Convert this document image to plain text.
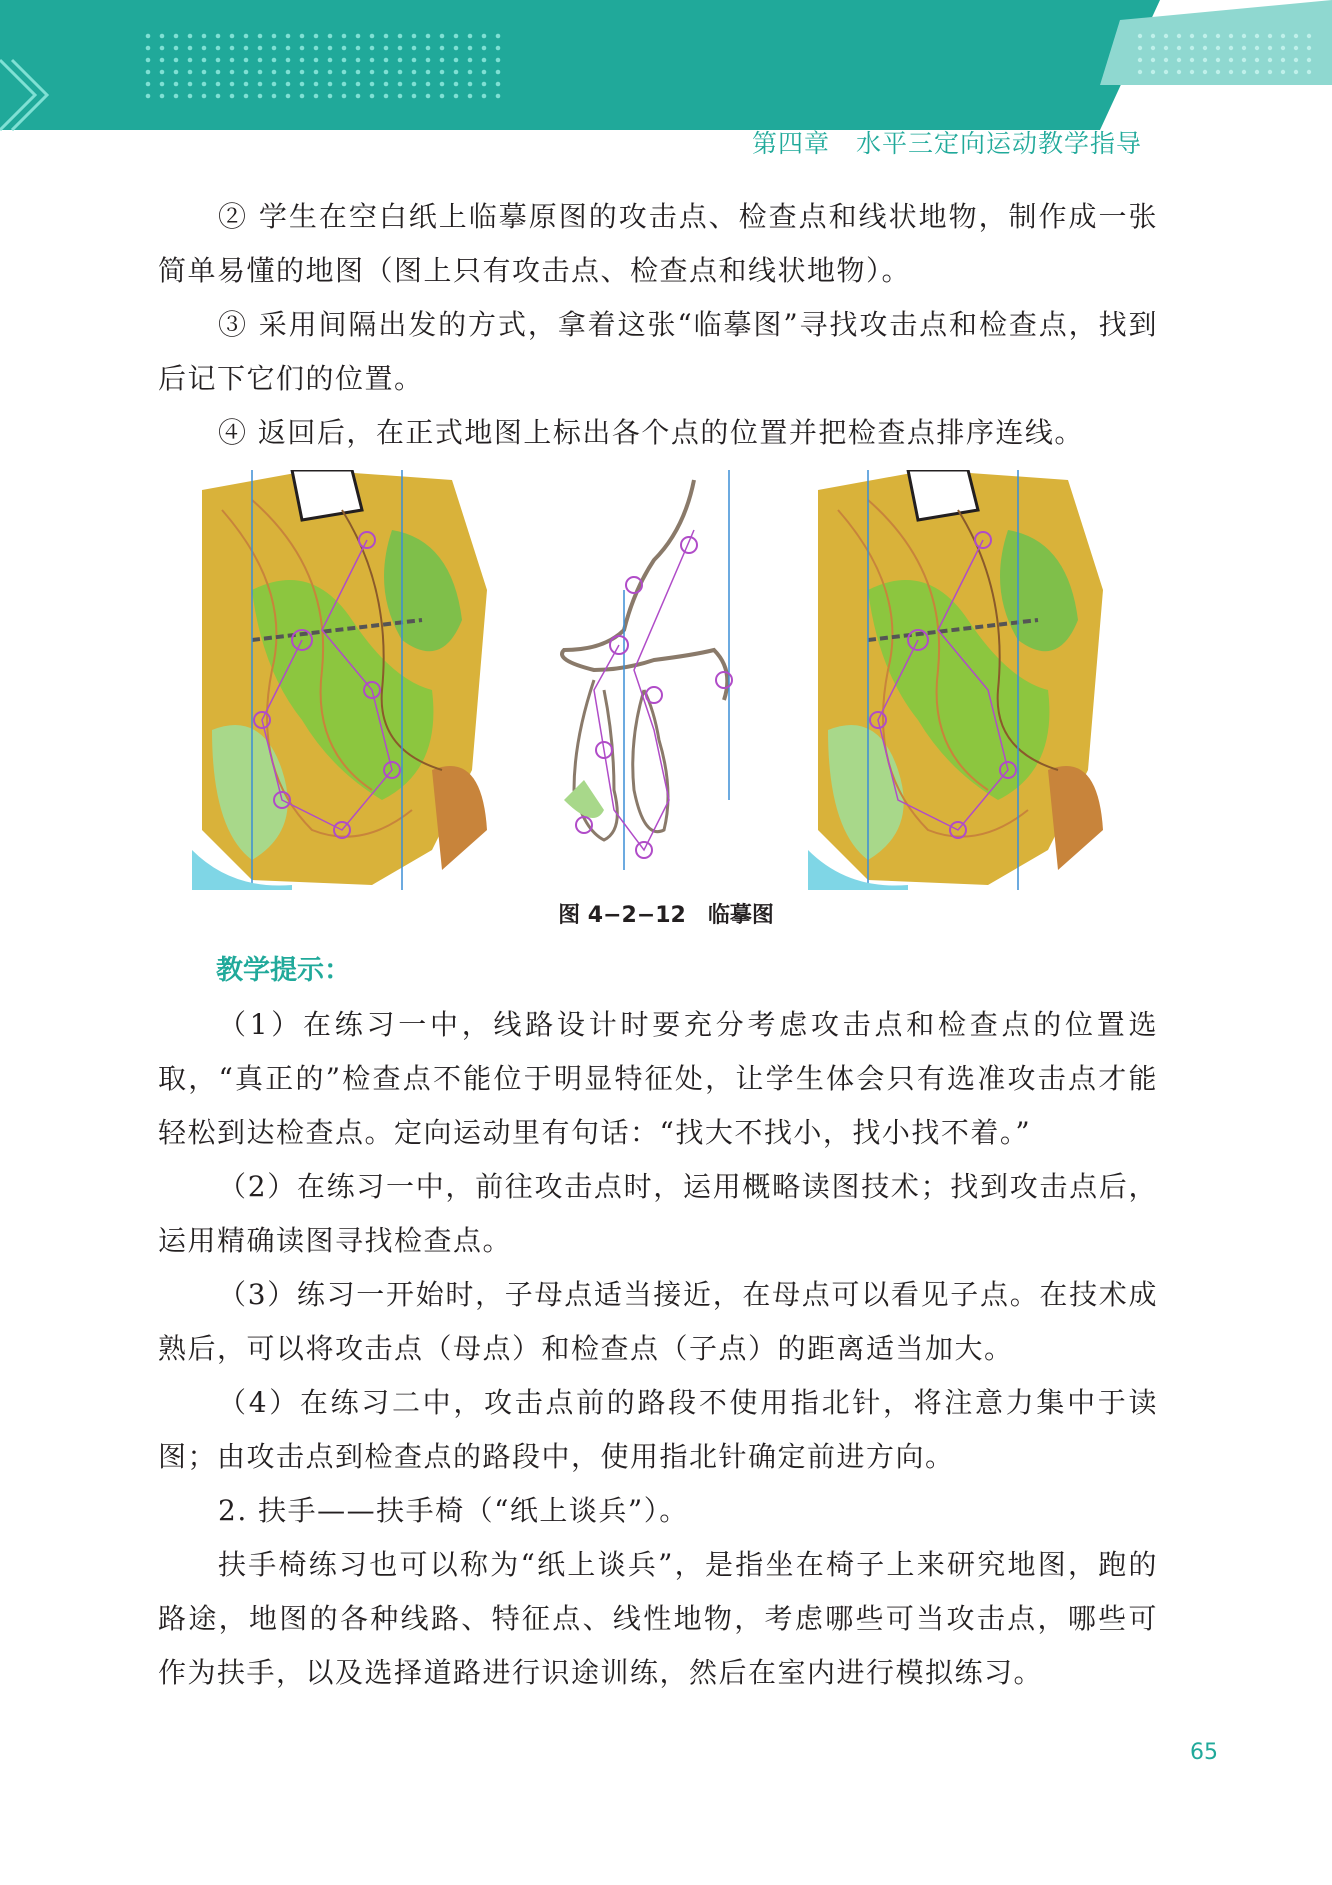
第四章　水平三定向运动教学指导

② 学生在空白纸上临摹原图的攻击点、检查点和线状地物，制作成一张简单易懂的地图（图上只有攻击点、检查点和线状地物）。

③ 采用间隔出发的方式，拿着这张“临摹图”寻找攻击点和检查点，找到后记下它们的位置。

④ 返回后，在正式地图上标出各个点的位置并把检查点排序连线。

图 4−2−12　临摹图
教学提示：

（1）在练习一中，线路设计时要充分考虑攻击点和检查点的位置选取，“真正的”检查点不能位于明显特征处，让学生体会只有选准攻击点才能轻松到达检查点。定向运动里有句话：“找大不找小，找小找不着。”

（2）在练习一中，前往攻击点时，运用概略读图技术；找到攻击点后，运用精确读图寻找检查点。

（3）练习一开始时，子母点适当接近，在母点可以看见子点。在技术成熟后，可以将攻击点（母点）和检查点（子点）的距离适当加大。

（4）在练习二中，攻击点前的路段不使用指北针，将注意力集中于读图；由攻击点到检查点的路段中，使用指北针确定前进方向。

2. 扶手——扶手椅（“纸上谈兵”）。

扶手椅练习也可以称为“纸上谈兵”，是指坐在椅子上来研究地图，跑的路途，地图的各种线路、特征点、线性地物，考虑哪些可当攻击点，哪些可作为扶手，以及选择道路进行识途训练，然后在室内进行模拟练习。

65
